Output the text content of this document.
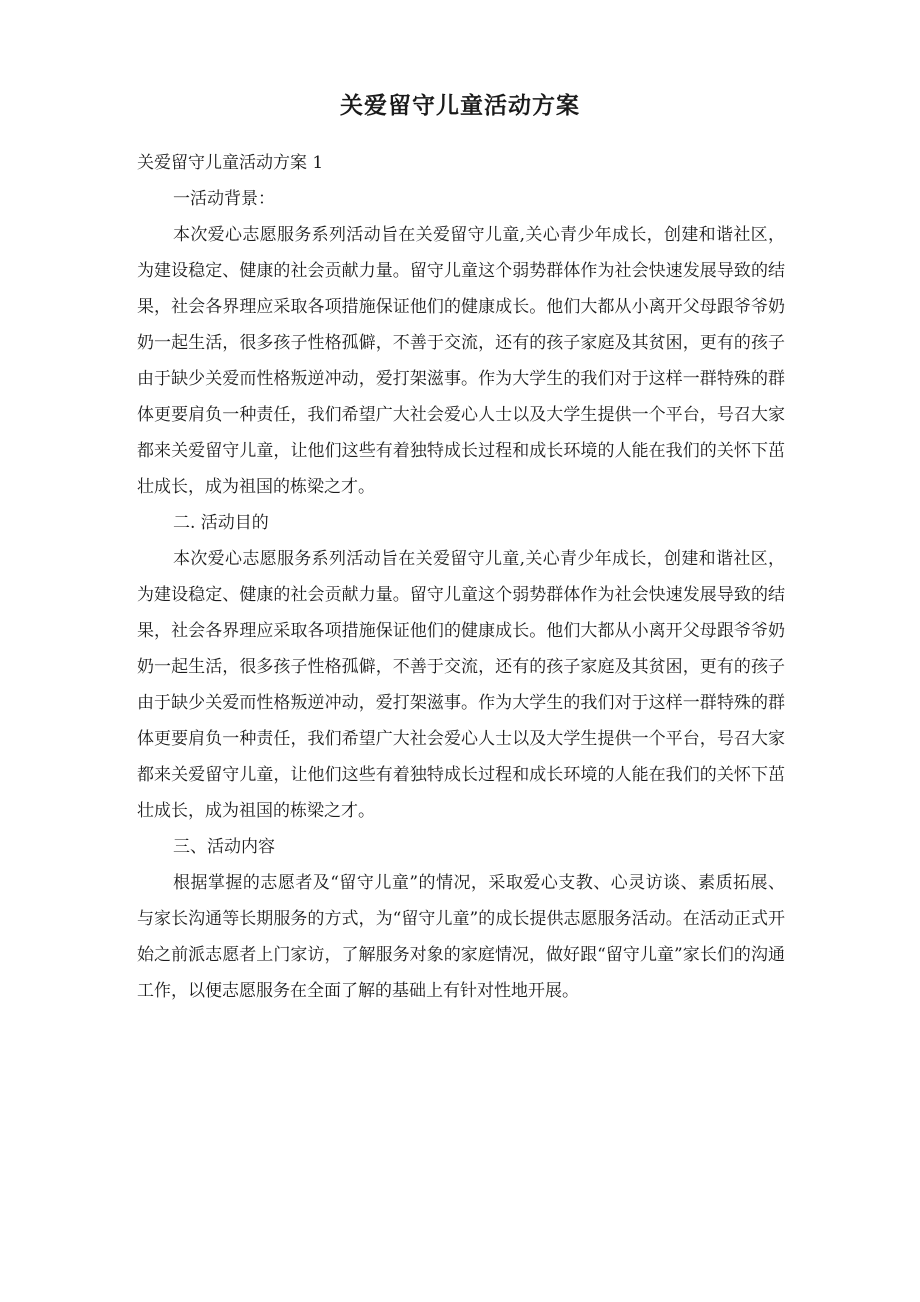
关爱留守儿童活动方案

关爱留守儿童活动方案 1

一活动背景：

本次爱心志愿服务系列活动旨在关爱留守儿童,关心青少年成长，创建和谐社区，为建设稳定、健康的社会贡献力量。留守儿童这个弱势群体作为社会快速发展导致的结果，社会各界理应采取各项措施保证他们的健康成长。他们大都从小离开父母跟爷爷奶奶一起生活，很多孩子性格孤僻，不善于交流，还有的孩子家庭及其贫困，更有的孩子由于缺少关爱而性格叛逆冲动，爱打架滋事。作为大学生的我们对于这样一群特殊的群体更要肩负一种责任，我们希望广大社会爱心人士以及大学生提供一个平台，号召大家都来关爱留守儿童，让他们这些有着独特成长过程和成长环境的人能在我们的关怀下茁壮成长，成为祖国的栋梁之才。

二. 活动目的

本次爱心志愿服务系列活动旨在关爱留守儿童,关心青少年成长，创建和谐社区，为建设稳定、健康的社会贡献力量。留守儿童这个弱势群体作为社会快速发展导致的结果，社会各界理应采取各项措施保证他们的健康成长。他们大都从小离开父母跟爷爷奶奶一起生活，很多孩子性格孤僻，不善于交流，还有的孩子家庭及其贫困，更有的孩子由于缺少关爱而性格叛逆冲动，爱打架滋事。作为大学生的我们对于这样一群特殊的群体更要肩负一种责任，我们希望广大社会爱心人士以及大学生提供一个平台，号召大家都来关爱留守儿童，让他们这些有着独特成长过程和成长环境的人能在我们的关怀下茁壮成长，成为祖国的栋梁之才。

三、活动内容

根据掌握的志愿者及“留守儿童”的情况，采取爱心支教、心灵访谈、素质拓展、与家长沟通等长期服务的方式，为“留守儿童”的成长提供志愿服务活动。在活动正式开始之前派志愿者上门家访，了解服务对象的家庭情况，做好跟“留守儿童”家长们的沟通工作，以便志愿服务在全面了解的基础上有针对性地开展。
